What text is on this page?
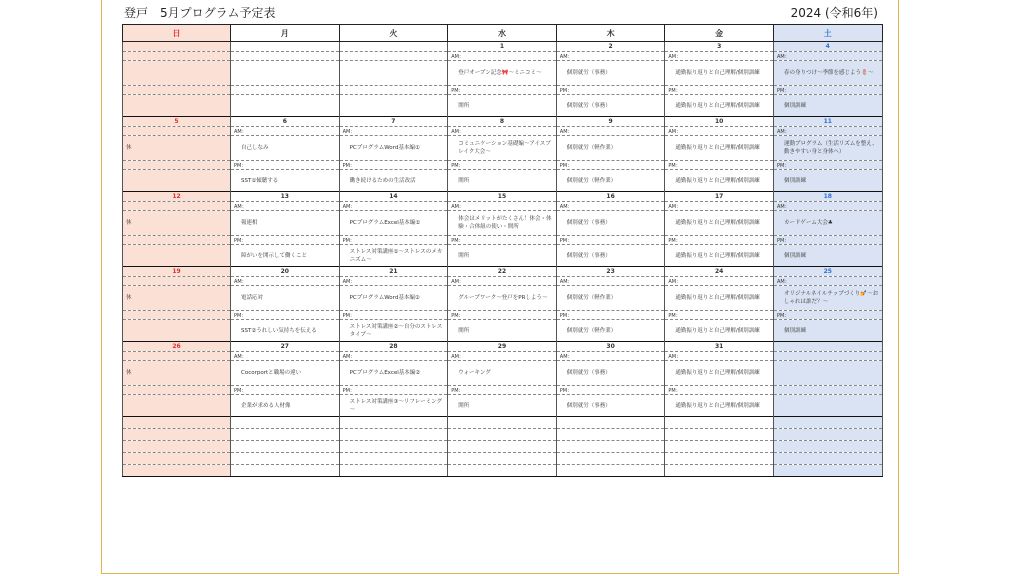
登戸　5月プログラム予定表	2024 (令和6年)
日	月	火	水	木	金	土
			1	2	3	4
			AM：	AM：	AM：	AM：
			登戸オープン記念🎀～ミニコミ～	個別就労（事務）	通勤振り返りと自己理解/個別訓練	春の身りつけ～季節を感じよう🌷～
			PM：	PM：	PM：	PM：
			開所	個別就労（事務）	通勤振り返りと自己理解/個別訓練	個別訓練
5	6	7	8	9	10	11
	AM：	AM：	AM：	AM：	AM：	AM：
休	自己しなみ	PCプログラムWord基本編①	コミュニケーション基礎編～アイスブレイク大会～	個別就労（軽作業）	通勤振り返りと自己理解/個別訓練	運動プログラム（生活リズムを整え、動きやすい身と身体へ）
	PM：	PM：	PM：	PM：	PM：	PM：
	SST①傾聴する	働き続けるための生活改活	開所	個別就労（軽作業）	通勤振り返りと自己理解/個別訓練	個別訓練
12	13	14	15	16	17	18
	AM：	AM：	AM：	AM：	AM：	AM：
休	報連相	PCプログラムExcel基本編①	体会はメリットがたくさん！体会・体験・合体組の使い・開所	個別就労（事務）	通勤振り返りと自己理解/個別訓練	カードゲーム大会♣
	PM：	PM：	PM：	PM：	PM：	PM：
	障がいを開示して働くこと	ストレス対策講座①～ストレスのメカニズム～	開所	個別就労（事務）	通勤振り返りと自己理解/個別訓練	個別訓練
19	20	21	22	23	24	25
	AM：	AM：	AM：	AM：	AM：	AM：
休	電話応対	PCプログラムWord基本編②	グループワーク～登戸をPRしよう～	個別就労（軽作業）	通勤振り返りと自己理解/個別訓練	オリジナルネイルチップづくり💅～おしゃれは誰だ？～
	PM：	PM：	PM：	PM：	PM：	PM：
	SST②うれしい気持ちを伝える	ストレス対策講座②～自分のストレスタイプ～	開所	個別就労（軽作業）	通勤振り返りと自己理解/個別訓練	個別訓練
26	27	28	29	30	31	
	AM：	AM：	AM：	AM：	AM：	
休	Cocorportと職場の違い	PCプログラムExcel基本編②	ウォーキング	個別就労（事務）	通勤振り返りと自己理解/個別訓練	
	PM：	PM：	PM：	PM：	PM：	
	企業が求める人材像	ストレス対策講座③～リフレーミング～	開所	個別就労（事務）	通勤振り返りと自己理解/個別訓練	
